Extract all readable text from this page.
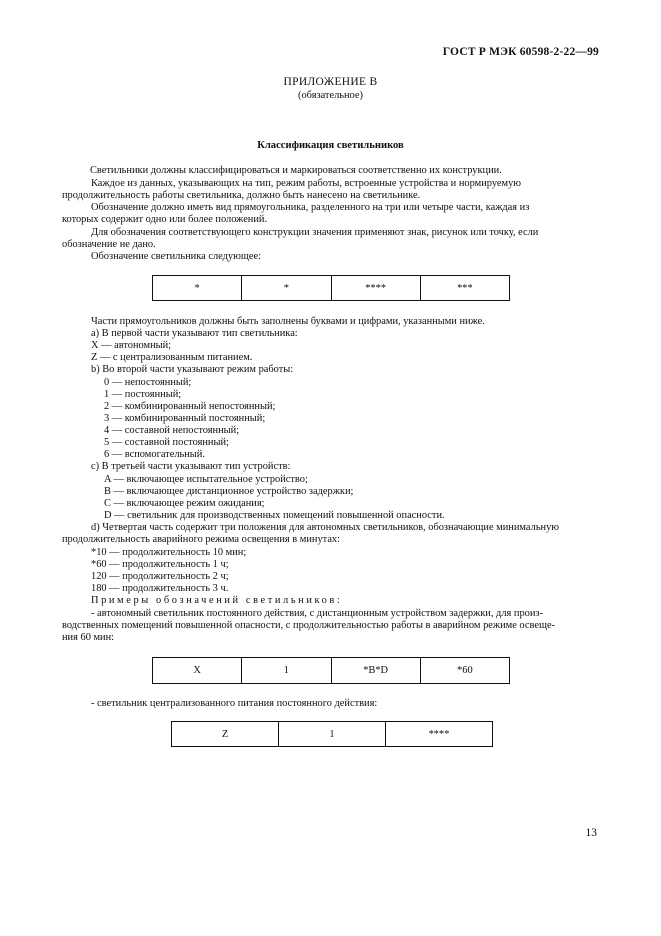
ГОСТ Р МЭК 60598-2-22—99
ПРИЛОЖЕНИЕ В
(обязательное)
Классификация светильников
Светильники должны классифицироваться и маркироваться соответственно их конструкции.
Каждое из данных, указывающих на тип, режим работы, встроенные устройства и нормируемую
продолжительность работы светильника, должно быть нанесено на светильнике.
Обозначение должно иметь вид прямоугольника, разделенного на три или четыре части, каждая из
которых содержит одно или более положений.
Для обозначения соответствующего конструкции значения применяют знак, рисунок или точку, если
обозначение не дано.
Обозначение светильника следующее:
*	*	****	***
Части прямоугольников должны быть заполнены буквами и цифрами, указанными ниже.
a) В первой части указывают тип светильника:
X — автономный;
Z — с централизованным питанием.
b) Во второй части указывают режим работы:
0 — непостоянный;
1 — постоянный;
2 — комбинированный непостоянный;
3 — комбинированный постоянный;
4 — составной непостоянный;
5 — составной постоянный;
6 — вспомогательный.
c) В третьей части указывают тип устройств:
A — включающее испытательное устройство;
B — включающее дистанционное устройство задержки;
C — включающее режим ожидания;
D — светильник для производственных помещений повышенной опасности.
d) Четвертая часть содержит три положения для автономных светильников, обозначающие минимальную
продолжительность аварийного режима освещения в минутах:
*10 — продолжительность 10 мин;
*60 — продолжительность 1 ч;
120 — продолжительность 2 ч;
180 — продолжительность 3 ч.
Примеры обозначений светильников:
- автономный светильник постоянного действия, с дистанционным устройством задержки, для произ-
водственных помещений повышенной опасности, с продолжительностью работы в аварийном режиме освеще-
ния 60 мин:
X	1	*B*D	*60
- светильник централизованного питания постоянного действия:
Z	1	****
13
